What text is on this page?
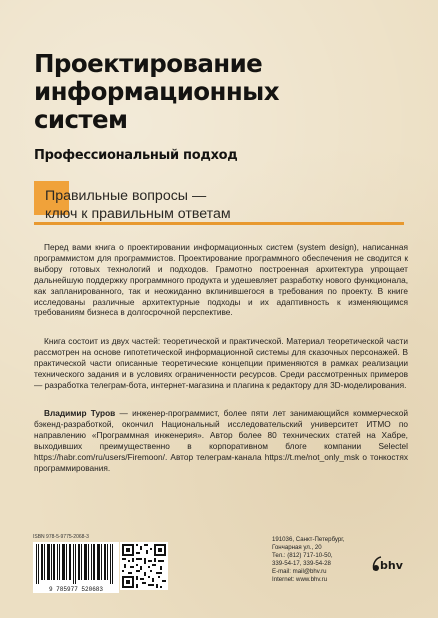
Проектирование
информационных
систем
Профессиональный подход
Правильные вопросы —
ключ к правильным ответам

Перед вами книга о проектировании информационных систем (system design), написанная программистом для программистов. Проектирование программного обеспечения не сводится к выбору готовых технологий и подходов. Грамотно построенная архитектура упрощает дальнейшую поддержку программного продукта и удешевляет разработку нового функционала, как запланированного, так и неожиданно вклинившегося в требования по проекту. В книге исследованы различные архитектурные подходы и их адаптивность к изменяющимся требованиям бизнеса в долгосрочной перспективе.

Книга состоит из двух частей: теоретической и практической. Материал теоретической части рассмотрен на основе гипотетической информационной системы для сказочных персонажей. В практической части описанные теоретические концепции применяются в рамках реализации технического задания и в условиях ограниченности ресурсов. Среди рассмотренных примеров — разработка телеграм-бота, интернет-магазина и плагина к редактору для 3D-моделирования.

Владимир Туров — инженер-программист, более пяти лет занимающийся коммерческой бэкенд-разработкой, окончил Национальный исследовательский университет ИТМО по направлению «Программная инженерия». Автор более 80 технических статей на Хабре, выходивших преимущественно в корпоративном блоге компании Selectel https://habr.com/ru/users/Firemoon/. Автор телеграм-канала https://t.me/not_only_msk о тонкостях программирования.

ISBN 978-5-9775-2068-3
9 785977 520683
191036, Санкт-Петербург,
Гончарная ул., 20
Тел.: (812) 717-10-50,
339-54-17, 339-54-28
E-mail: mail@bhv.ru
Internet: www.bhv.ru
bhv
